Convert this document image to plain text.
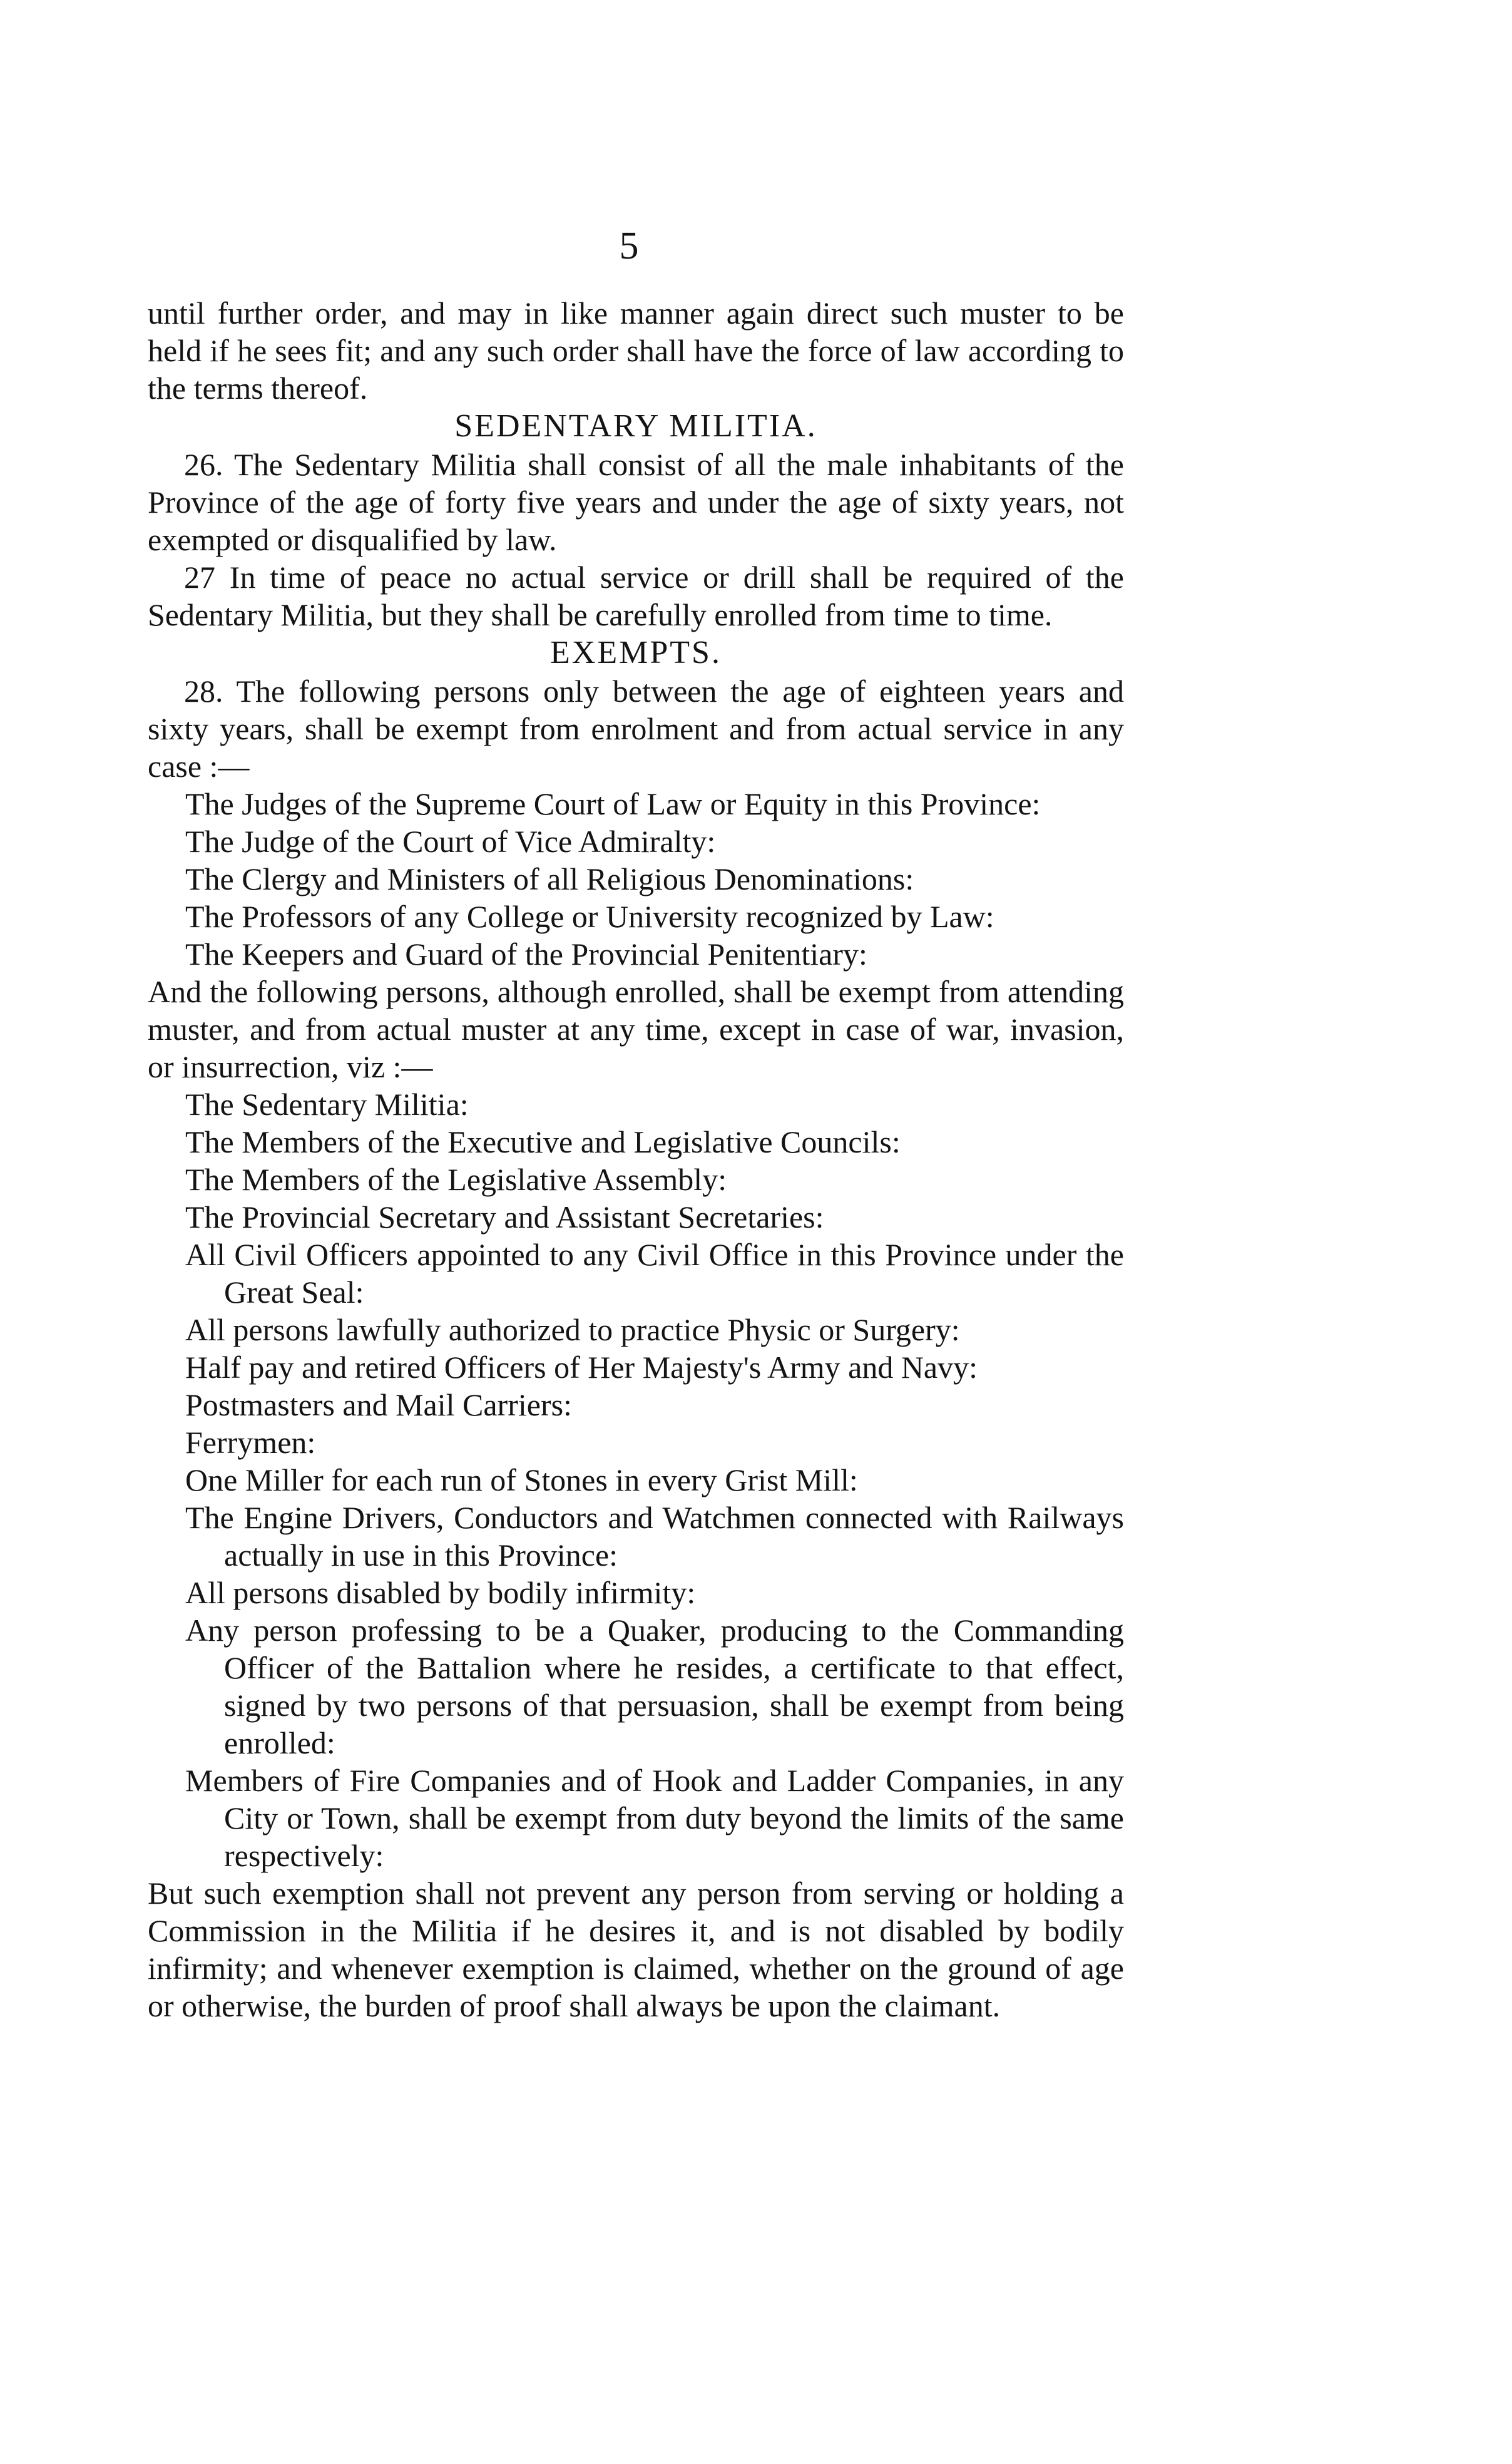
5

until further order, and may in like manner again direct such muster to be held if he sees fit; and any such order shall have the force of law according to the terms thereof.

SEDENTARY MILITIA.

26. The Sedentary Militia shall consist of all the male inhabitants of the Province of the age of forty five years and under the age of sixty years, not exempted or disqualified by law.

27 In time of peace no actual service or drill shall be required of the Sedentary Militia, but they shall be carefully enrolled from time to time.

EXEMPTS.

28. The following persons only between the age of eighteen years and sixty years, shall be exempt from enrolment and from actual service in any case :—

The Judges of the Supreme Court of Law or Equity in this Province:

The Judge of the Court of Vice Admiralty:

The Clergy and Ministers of all Religious Denominations:

The Professors of any College or University recognized by Law:

The Keepers and Guard of the Provincial Penitentiary:

And the following persons, although enrolled, shall be exempt from attending muster, and from actual muster at any time, except in case of war, invasion, or insurrection, viz :—

The Sedentary Militia:

The Members of the Executive and Legislative Councils:

The Members of the Legislative Assembly:

The Provincial Secretary and Assistant Secretaries:

All Civil Officers appointed to any Civil Office in this Province under the Great Seal:

All persons lawfully authorized to practice Physic or Surgery:

Half pay and retired Officers of Her Majesty's Army and Navy:

Postmasters and Mail Carriers:

Ferrymen:

One Miller for each run of Stones in every Grist Mill:

The Engine Drivers, Conductors and Watchmen connected with Railways actually in use in this Province:

All persons disabled by bodily infirmity:

Any person professing to be a Quaker, producing to the Commanding Officer of the Battalion where he resides, a certificate to that effect, signed by two persons of that persuasion, shall be exempt from being enrolled:

Members of Fire Companies and of Hook and Ladder Companies, in any City or Town, shall be exempt from duty beyond the limits of the same respectively:

But such exemption shall not prevent any person from serving or holding a Commission in the Militia if he desires it, and is not disabled by bodily infirmity; and whenever exemption is claimed, whether on the ground of age or otherwise, the burden of proof shall always be upon the claimant.
